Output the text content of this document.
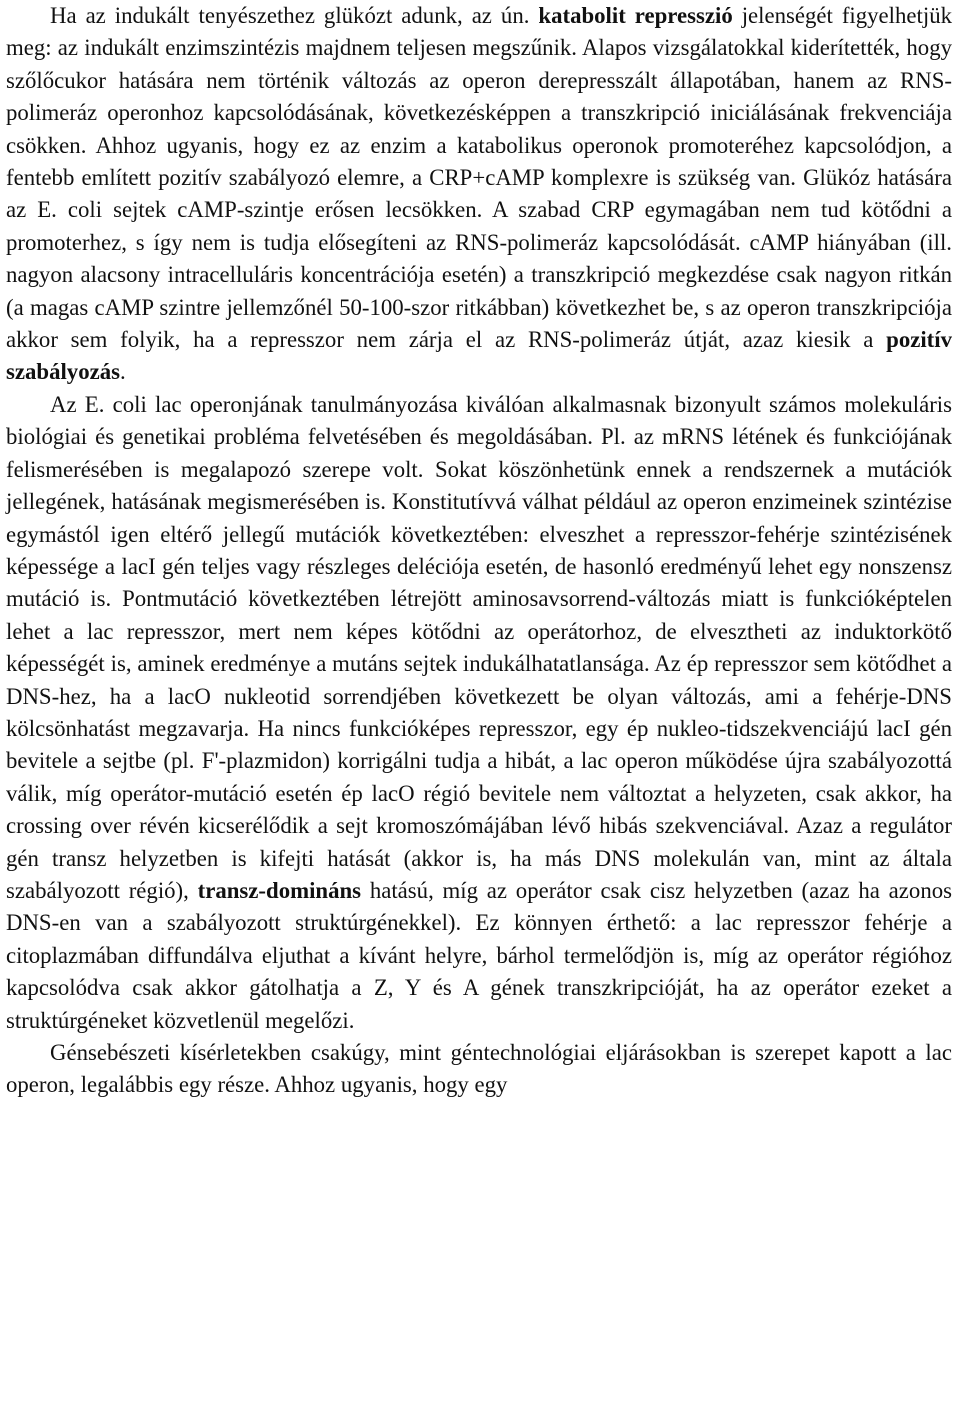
Ha az indukált tenyészethez glükózt adunk, az ún. katabolit represszió jelenségét figyelhetjük meg: az indukált enzimszintézis majdnem teljesen megszűnik. Alapos vizsgálatokkal kiderítették, hogy szőlőcukor hatására nem történik változás az operon derepresszált állapotában, hanem az RNS-polimeráz operonhoz kapcsolódásának, következésképpen a transzkripció iniciálásának frekvenciája csökken. Ahhoz ugyanis, hogy ez az enzim a katabolikus operonok promoteréhez kapcsolódjon, a fentebb említett pozitív szabályozó elemre, a CRP+cAMP komplexre is szükség van. Glükóz hatására az E. coli sejtek cAMP-szintje erősen lecsökken. A szabad CRP egymagában nem tud kötődni a promoterhez, s így nem is tudja elősegíteni az RNS-polimeráz kapcsolódását. cAMP hiányában (ill. nagyon alacsony intracelluláris koncentrációja esetén) a transzkripció megkezdése csak nagyon ritkán (a magas cAMP szintre jellemzőnél 50-100-szor ritkábban) következhet be, s az operon transzkripciója akkor sem folyik, ha a represszor nem zárja el az RNS-polimeráz útját, azaz kiesik a pozitív szabályozás.

Az E. coli lac operonjának tanulmányozása kiválóan alkalmasnak bizonyult számos molekuláris biológiai és genetikai probléma felvetésében és megoldásában. Pl. az mRNS létének és funkciójának felismerésében is megalapozó szerepe volt. Sokat köszönhetünk ennek a rendszernek a mutációk jellegének, hatásának megismerésében is. Konstitutívvá válhat például az operon enzimeinek szintézise egymástól igen eltérő jellegű mutációk következtében: elveszhet a represszor-fehérje szintézisének képessége a lacI gén teljes vagy részleges deléciója esetén, de hasonló eredményű lehet egy nonszensz mutáció is. Pontmutáció következtében létrejött aminosavsorrend-változás miatt is funkcióképtelen lehet a lac represszor, mert nem képes kötődni az operátorhoz, de elvesztheti az induktorkötő képességét is, aminek eredménye a mutáns sejtek indukálhatatlansága. Az ép represszor sem kötődhet a DNS-hez, ha a lacO nukleotid sorrendjében következett be olyan változás, ami a fehérje-DNS kölcsönhatást megzavarja. Ha nincs funkcióképes represszor, egy ép nukleo-tidszekvenciájú lacI gén bevitele a sejtbe (pl. F'-plazmidon) korrigálni tudja a hibát, a lac operon működése újra szabályozottá válik, míg operátor-mutáció esetén ép lacO régió bevitele nem változtat a helyzeten, csak akkor, ha crossing over révén kicserélődik a sejt kromoszómájában lévő hibás szekvenciával. Azaz a regulátor gén transz helyzetben is kifejti hatását (akkor is, ha más DNS molekulán van, mint az általa szabályozott régió), transz-domináns hatású, míg az operátor csak cisz helyzetben (azaz ha azonos DNS-en van a szabályozott struktúrgénekkel). Ez könnyen érthető: a lac represszor fehérje a citoplazmában diffundálva eljuthat a kívánt helyre, bárhol termelődjön is, míg az operátor régióhoz kapcsolódva csak akkor gátolhatja a Z, Y és A gének transzkripcióját, ha az operátor ezeket a struktúrgéneket közvetlenül megelőzi.

Génsebészeti kísérletekben csakúgy, mint géntechnológiai eljárásokban is szerepet kapott a lac operon, legalábbis egy része. Ahhoz ugyanis, hogy egy
